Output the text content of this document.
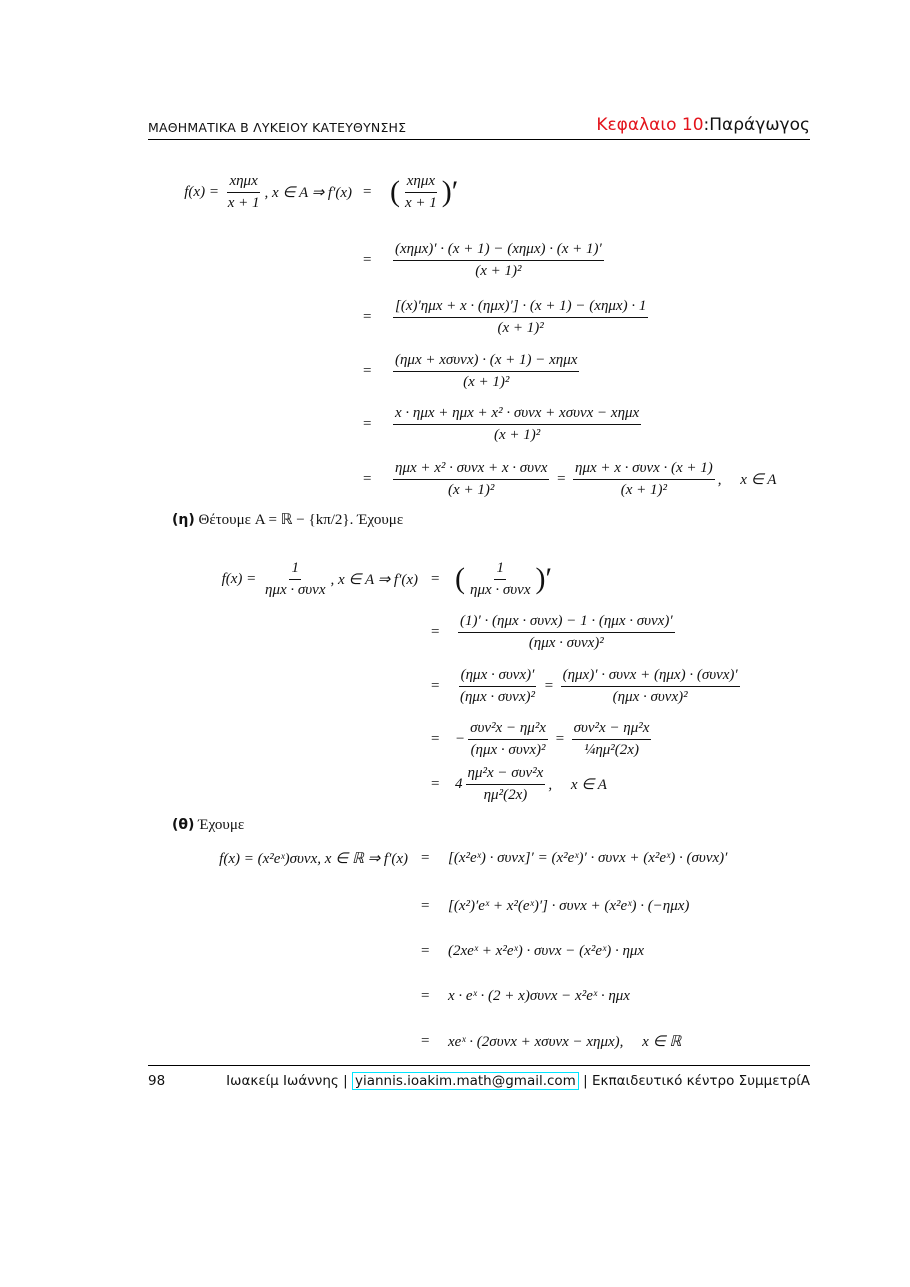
ΜΑΘΗΜΑΤΙΚΑ Β ΛΥΚΕΙΟΥ ΚΑΤΕΥΘΥΝΣΗΣ	Κεφαλαιο 10:Παράγωγος
$f(x) = \frac{\text{xημx}}{x + 1}$ , x ∈ A ⇒ f′(x) = ( $\frac{\text{xημx}}{x + 1}$ )′
= $\frac{\text{(xημx)′ · (x + 1) − (xημx) · (x + 1)′}}{\text{(x + 1)²}}$
= $\frac{\text{[(x)′ημx + x · (ημx)′] · (x + 1) − (xημx) · 1}}{\text{(x + 1)²}}$
= $\frac{\text{(ημx + xσυνx) · (x + 1) − xημx}}{\text{(x + 1)²}}$
= $\frac{\text{x · ημx + ημx + x² · συνx + xσυνx − xημx}}{\text{(x + 1)²}}$
= $\frac{\text{ημx + x² · συνx + x · συνx}}{\text{(x + 1)²}} = \frac{\text{ημx + x · συνx · (x + 1)}}{\text{(x + 1)²}}$ ,     x ∈ A
$f(x) = \frac{1}{\text{ημx · συνx}}$ , x ∈ A ⇒ f′(x) = ( $\frac{1}{\text{ημx · συνx}}$ )′
= $\frac{\text{(1)′ · (ημx · συνx) − 1 · (ημx · συνx)′}}{\text{(ημx · συνx)²}}$
= $\frac{\text{(ημx · συνx)′}}{\text{(ημx · συνx)²}} = \frac{\text{(ημx)′ · συνx + (ημx) · (συνx)′}}{\text{(ημx · συνx)²}}$
= − $\frac{\text{συν²x − ημ²x}}{\text{(ημx · συνx)²}} = \frac{\text{συν²x − ημ²x}}{\text{¼ημ²(2x)}}$
= $4 \frac{\text{ημ²x − συν²x}}{\text{ημ²(2x)}}$ ,     x ∈ A
f(x) = (x²eˣ)συνx, x ∈ ℝ ⇒ f′(x) = [(x²eˣ) · συνx]′ = (x²eˣ)′ · συνx + (x²eˣ) · (συνx)′
= [(x²)′eˣ + x²(eˣ)′] · συνx + (x²eˣ) · (−ημx)
= (2xeˣ + x²eˣ) · συνx − (x²eˣ) · ημx
= x · eˣ · (2 + x)συνx − x²eˣ · ημx
= xeˣ · (2συνx + xσυνx − xημx),     x ∈ ℝ
(η) Θέτουμε A = ℝ − {kπ/2}. Έχουμε
(θ) Έχουμε
98	Ιωακείμ Ιωάννης | yiannis.ioakim.math@gmail.com | Εκπαιδευτικό κέντρο ΣυμμετρίΑ
